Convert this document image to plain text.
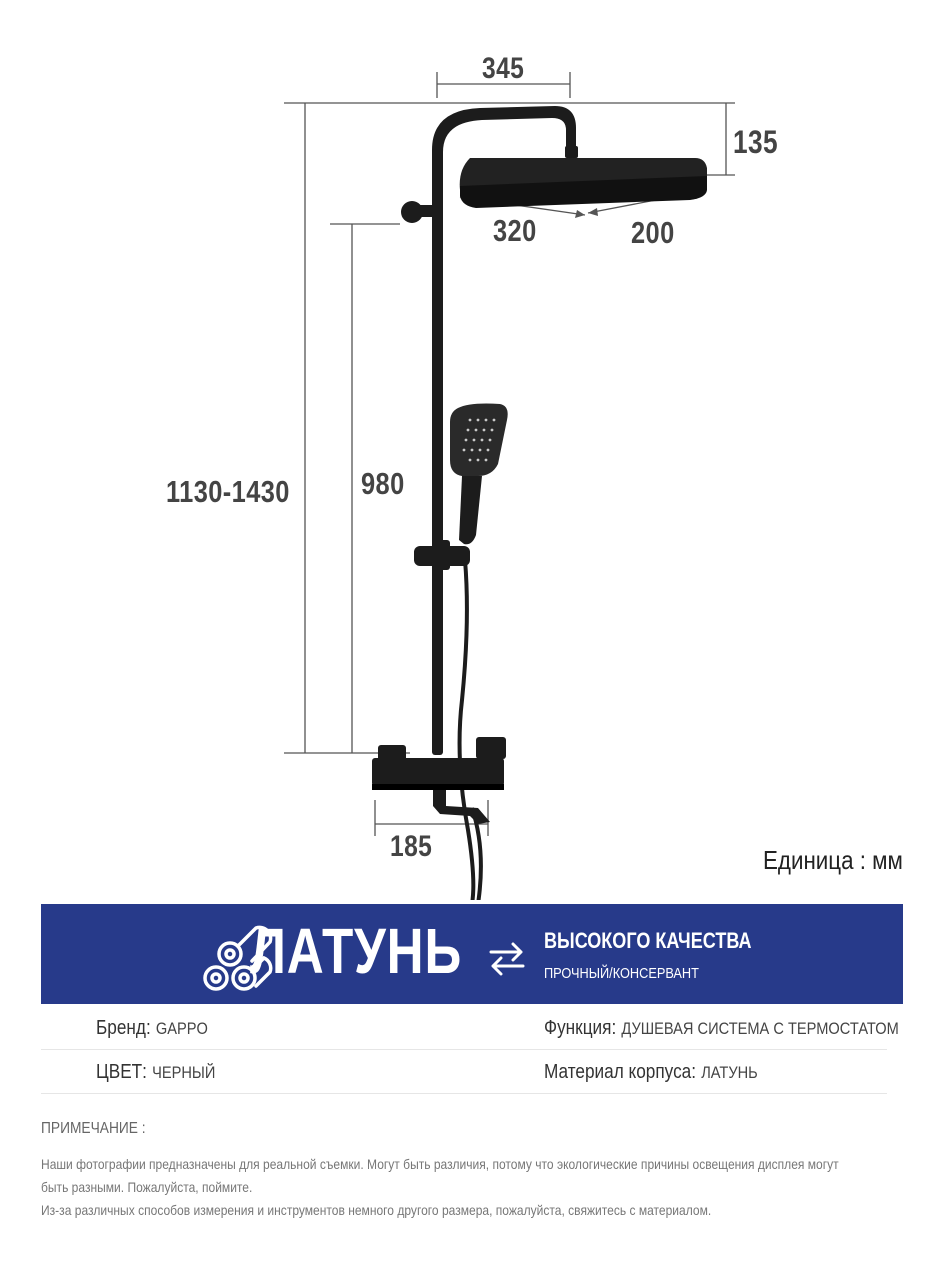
345
135
320	200
1130-1430 980
185	Единица : мм
ЛАТУНЬ	ВЫСОКОГО КАЧЕСТВА
ПРОЧНЫЙ/КОНСЕРВАНТ
Бренд: GAPPO	Функция: ДУШЕВАЯ СИСТЕМА С ТЕРМОСТАТОМ
ЦВЕТ: ЧЕРНЫЙ	Материал корпуса: ЛАТУНЬ
ПРИМЕЧАНИЕ :
Наши фотографии предназначены для реальной съемки. Могут быть различия, потому что экологические причины освещения дисплея могут
быть разными. Пожалуйста, поймите.
Из-за различных способов измерения и инструментов немного другого размера, пожалуйста, свяжитесь с материалом.
